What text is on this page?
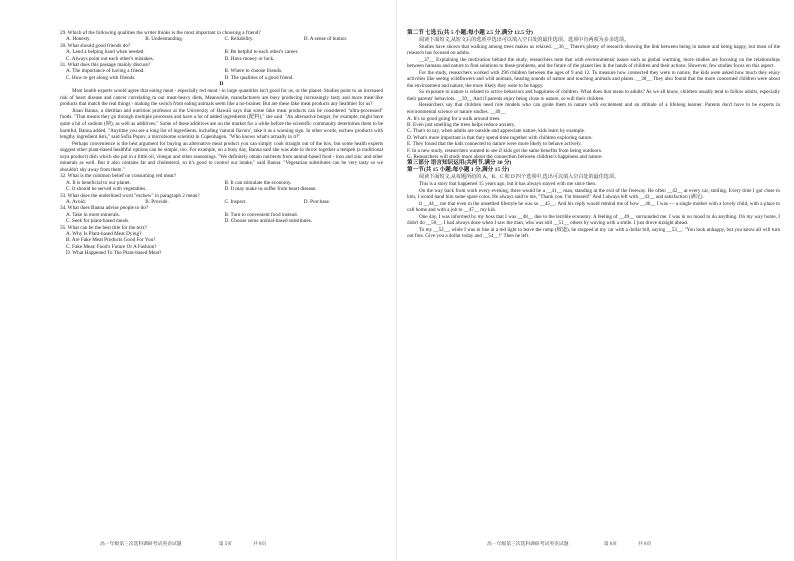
29. Which of the following qualities the writer thinks is the most important in choosing a friend?

A. Honesty.	B. Understanding.	C. Reliability.	D. A sense of humor.

30. What should good friends do?

A. Lend a helping hand when needed.	B. Be helpful to each other's career.
C. Always point out each other's mistakes.	D. Have money or luck.

31. What does this passage mainly discuss?

A. The importance of having a friend.	B. Where to choose friends.
C. How to get along with friends.	D. The qualities of a good friend.

D

Most health experts would agree that eating meat - especially red meat - in large quantities isn't good for us, or the planet. Studies point to an increased risk of heart disease and cancer correlating to our meat-heavy diets. Meanwhile, manufacturers are busy producing increasingly tasty and more meat-like products that match the real things - making the switch from eating animals seem like a no-brainer. But are these fake meat products any healthier for us?

Jinan Banna, a dietitian and nutrition professor at the University of Hawaii says that some fake meat products can be considered "ultra-processed" foods. "That means they go through multiple processes and have a lot of added ingredients (配料)," she said. "An alternative burger, for example, might have quite a bit of sodium (钠), as well as additives." Some of these additives are on the market for a while before the scientific community determines them to be harmful, Banna added. "Anytime you see a long list of ingredients, including 'natural flavors', take it as a warning sign. In other words, eschew products with lengthy ingredient lists," said Sofia Popov, a microbiome scientist in Copenhagen. "Who knows what's actually in it?"

Perhaps convenience is the best argument for buying an alternative meat product you can simply cook straight out of the box, but some health experts suggest other plant-based healthful options can be simple, too. For example, on a busy day, Banna said she was able to throw together a tempeh (a traditional soya product) dish which she put in a little oil, vinegar and other seasonings. "We definitely obtain nutrients from animal-based food - iron and zinc and other minerals as well. But it also contains fat and cholesterol, so it's good to control our intake," said Banna. "Vegetarian substitutes can be very tasty so we shouldn't shy away from them."

32. What is the common belief on consuming red meat?

A. It is beneficial to our planet.	B. It can stimulate the economy.
C. It should be served with vegetables.	D. It may make us suffer from heart disease.

33. What does the underlined word "eschew" in paragraph 2 mean?

A. Avoid.	B. Provide.	C. Inspect.	D. Purchase.

34. What does Banna advise people to do?

A. Take in more minerals.	B. Turn to convenient food instead.
C. Seek for plant-based meals.	D. Choose some animal-based substitutes.

35. What can be the best title for the text?

A. Why Is Plant-based Meat Dying?
B. Are Fake Meat Products Good For You?
C. Fake Meat: Food's Future Or A Fashion?
D. What Happened To The Plant-based Meat?
高一年级第三次选科调研考试英语试题	第 5页	共 8页

第二节 七选五(共 5 小题;每小题 2.5 分,满分 12.5 分)

阅读下面短文,从短文后的选项中选出可以填入空白处的最佳选项。选项中有两项为多余选项。

Studies have shown that walking among trees makes us relaxed. __36__ There's plenty of research showing the link between being in nature and being happy, but most of the research has focused on adults.

__37__ Explaining the motivation behind the study, researchers note that with environmental issues such as global warming, more studies are focusing on the relationships between humans and nature to find solutions to these problems, and the future of the planet lies in the hands of children and their actions. However, few studies focus on this aspect.

For the study, researchers worked with 296 children between the ages of 9 and 12. To measure how connected they were to nature, the kids were asked how much they enjoy activities like seeing wildflowers and wild animals, hearing sounds of nature and touching animals and plants. __38__ They also found that the more concerned children were about the environment and nature, the more likely they were to be happy.

So exposure to nature is related to active behaviors and happiness of children. What does that mean to adults? As we all know, children usually tend to follow adults, especially their parents' behaviors. __39__ And if parents enjoy being close to nature, so will their children.

Researchers say that children need role models who can guide them to nature with excitement and an attitude of a lifelong learner. Parents don't have to be experts in environmental science or nature studies. __40__

A. It's so good going for a walk around trees.
B. Even just smelling the trees helps reduce anxiety.
C. That's to say, when adults are outside and appreciate nature, kids learn by example.
D. What's more important is that they spend time together with children exploring nature.
E. They found that the kids connected to nature were more likely to behave actively.
F. In a new study, researchers wanted to see if kids got the same benefits from being outdoors.
G. Researchers will study more about the connection between children's happiness and nature.

第三部分 语言知识运用(共两节,满分 30 分)

第一节(共 15 小题;每小题 1 分,满分 15 分)

阅读下面短文,从每题所给的 A、B、C 和 D 四个选项中,选出可以填入空白处的最佳选项。

This is a story that happened 15 years ago, but it has always stayed with me since then.

On the way back from work every evening, there would be a __41__ man, standing at the exit of the freeway. He often __42__ at every car, smiling. Every time I got close to him, I would hand him some spare coins. He always said to me, "Thank you. I'm blessed!" And I always left with __43__ and satisfaction (满足).

It __44__ me that even in the unsettled lifestyle he was so __45__. And his reply would remind me of how __46__ I was — a single mother with a lovely child, with a place to call home and with a job to __47__ my kid.

One day, I was informed by my boss that I was __48__ due to the terrible economy. A feeling of __49__ surrounded me. I was in no mood to do anything. On my way home, I didn't do __50__. I had always done when I saw the man, who was still __51__ others by waving with a smile. I just drove straight ahead.

To my __52__, while I was in line at a red light to leave the ramp (坡道), he stopped at my car with a dollar bill, saying __53__. "You look unhappy, but you know all will turn out fine. Give you a dollar today and __54__!" Then he left.

高一年级第三次选科调研考试英语试题	第 6页	共 8页
